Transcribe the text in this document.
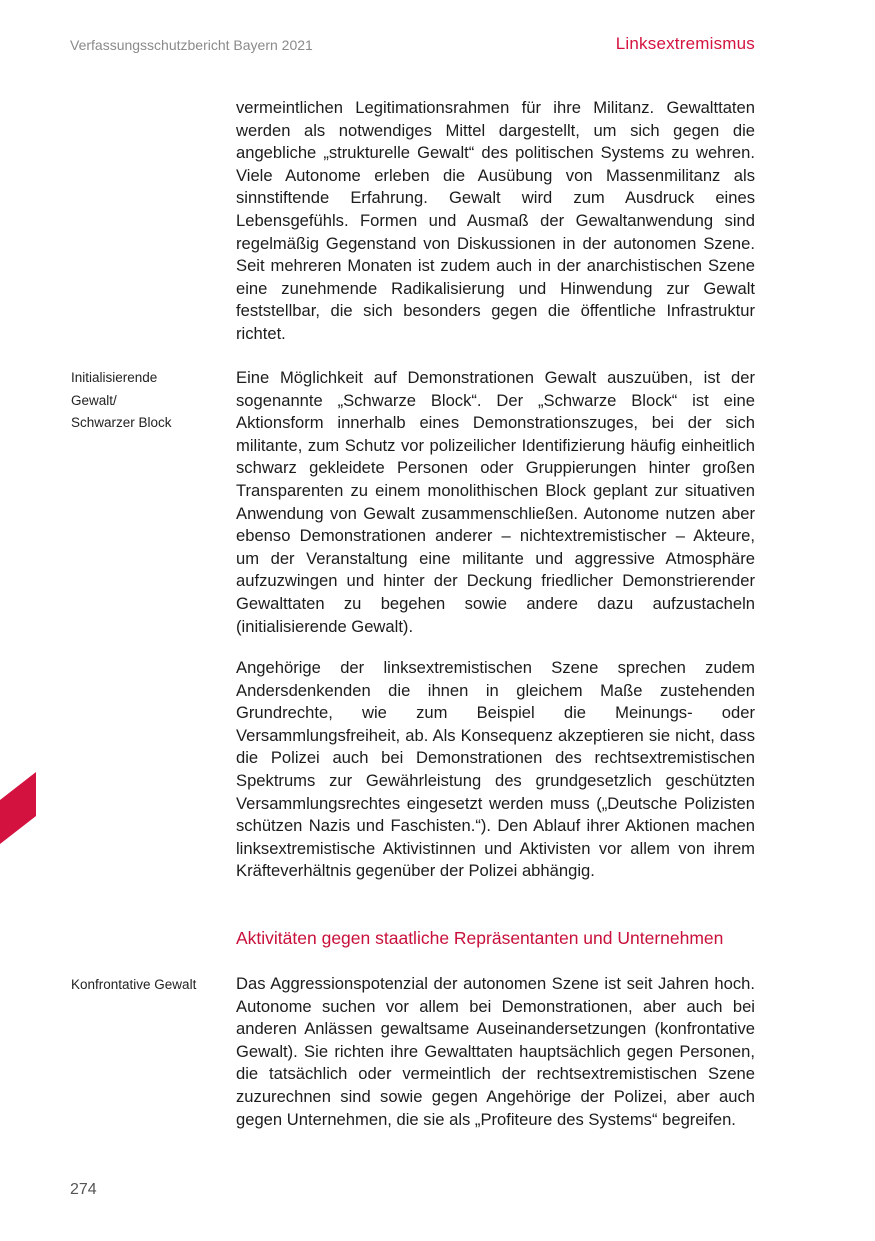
Verfassungsschutzbericht Bayern 2021	Linksextremismus

vermeintlichen Legitimationsrahmen für ihre Militanz. Gewalttaten werden als notwendiges Mittel dargestellt, um sich gegen die angebliche „strukturelle Gewalt“ des politischen Systems zu wehren. Viele Autonome erleben die Ausübung von Massenmilitanz als sinnstiftende Erfahrung. Gewalt wird zum Ausdruck eines Lebensgefühls. Formen und Ausmaß der Gewaltanwendung sind regelmäßig Gegenstand von Diskussionen in der autonomen Szene. Seit mehreren Monaten ist zudem auch in der anarchistischen Szene eine zunehmende Radikalisierung und Hinwendung zur Gewalt feststellbar, die sich besonders gegen die öffentliche Infrastruktur richtet.

Initialisierende
Gewalt/
Schwarzer Block

Eine Möglichkeit auf Demonstrationen Gewalt auszuüben, ist der sogenannte „Schwarze Block“. Der „Schwarze Block“ ist eine Aktionsform innerhalb eines Demonstrationszuges, bei der sich militante, zum Schutz vor polizeilicher Identifizierung häufig einheitlich schwarz gekleidete Personen oder Gruppierungen hinter großen Transparenten zu einem monolithischen Block geplant zur situativen Anwendung von Gewalt zusammenschließen. Autonome nutzen aber ebenso Demonstrationen anderer – nichtextremistischer – Akteure, um der Veranstaltung eine militante und aggressive Atmosphäre aufzuzwingen und hinter der Deckung friedlicher Demonstrierender Gewalttaten zu begehen sowie andere dazu aufzustacheln (initialisierende Gewalt).

Angehörige der linksextremistischen Szene sprechen zudem Andersdenkenden die ihnen in gleichem Maße zustehenden Grundrechte, wie zum Beispiel die Meinungs- oder Versammlungsfreiheit, ab. Als Konsequenz akzeptieren sie nicht, dass die Polizei auch bei Demonstrationen des rechtsextremistischen Spektrums zur Gewährleistung des grundgesetzlich geschützten Versammlungsrechtes eingesetzt werden muss („Deutsche Polizisten schützen Nazis und Faschisten.“). Den Ablauf ihrer Aktionen machen linksextremistische Aktivistinnen und Aktivisten vor allem von ihrem Kräfteverhältnis gegenüber der Polizei abhängig.

Aktivitäten gegen staatliche Repräsentanten und Unternehmen
Konfrontative Gewalt	Das Aggressionspotenzial der autonomen Szene ist seit Jahren hoch. Autonome suchen vor allem bei Demonstrationen, aber auch bei anderen Anlässen gewaltsame Auseinandersetzungen (konfrontative Gewalt). Sie richten ihre Gewalttaten hauptsächlich gegen Personen, die tatsächlich oder vermeintlich der rechtsextremistischen Szene zuzurechnen sind sowie gegen Angehörige der Polizei, aber auch gegen Unternehmen, die sie als „Profiteure des Systems“ begreifen.

274
